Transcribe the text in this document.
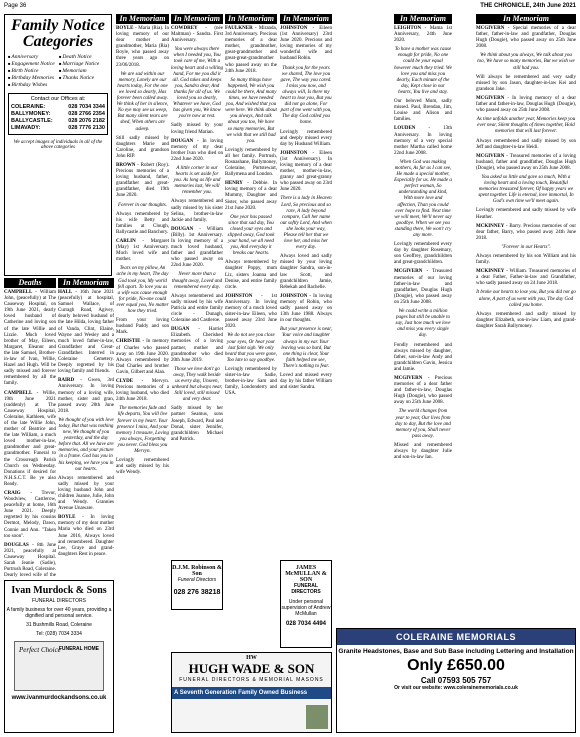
Page 36	THE CHRONICLE, 24th June 2021
Family Notice Categories
■ Anniversary	■ Death Notice
■ Engagement Notice	■ Marriage Notice
■ Birth Notice	■ Memoriam
■ Birthday Memories	■ Thanks Notice
■ Birthday Wishes
Contact our Offices at:
COLERAINE:	028 7034 3344
BALLYMONEY:	028 2766 2354
BALLYCASTLE:	028 2076 2182
LIMAVADY:	028 7776 2130
We accept images of individuals in all of the above categories
Deaths
CAMPBELL - William John, (peacefully) at The Causeway Hospital, on 19th June 2021, dearly loved husband of Catherine and loving son of the late Willie and Lizzie. Much loved brother of May, Eileen, Margaret, Eleanor and the late Samuel, Brother-in-law of Ivan, Willie, Hazel and Hugh. Will be sadly missed and forever remembered by all the family.
CAMPBELL - Willie, 19th June 2021 (suddenly) at The Causeway Hospital, Coleraine, Kathleen, wife of the late Willie John, mother of Beatrice and the late William, a much loved mother-in-law, grandmother and great-grandmother. Funeral to the Crossreagh Parish Church on Wednesday. Donations if desired for N.H.S.C.T. Be ye also Ready.
CRAIG - Trevor, Woodview, Castlerow, peacefully at home, 16th June 2021. Deeply regretted by his cousins Dermot, Melody, Dawn, Connie and Ann. "Taken too soon".
DOUGLAS - 8th June 2021, peacefully at Causeway Hospital. Sarah Jeanie (Sadie), Portrush Road, Coleraine. Dearly loved wife of the
In Memoriam
HALL - 16th June 2021 (peacefully) at hospital, Samuel Wallace, of Curragh Road, Agivey, dearly beloved husband of the late Hilda, loving father of Vanda, Clint, Elaine, Wayne and Wesley and a much loved father-in-law, Grandfather and Great-Grandfather. Interred in Coleraine Cemetery. Deeply regretted by his loving family and friends.
BAIRD - Gwen, 3rd Anniversary. In loving memory of a loving wife, mother, sister and gran, passed away 20th June 2018.
We thought of you with love today, But that was nothing new, We thought of you yesterday, and the day before that. All we have are memories, and your picture in a frame. God has you in his keeping, we have you in our hearts.
Always remembered and sadly missed by your loving husband John and children Joanne, Julie, John and Wendy. Grannies Avenue Unaware.
BOYLE - In loving memory of my dear mother Maria who died on 23rd June 2016, Always loved and remembered. Daughter Lee, Graye and grand-daughters Rest in peace.
In Memoriam
BOYLE - Maria (Ria). In loving memory of our dear mother and grandmother, Maria (Ria) Boyle, who passed away three years ago on 23/06/2018.
We are sad within our memory, Lonely are our hearts today, For the one we loved so dearly, Has forever been called away. We think of her in silence, No eye may see us weep, But many silent tears are shed, When others are asleep.
Still sadly missed by daughters Marie and Caroline, and grandson John RIP.
BROWN - Robert (Roy). Precious memories of a loving husband, father, grandfather and great-grandfather, died 19th June 2020.
Forever in our thoughts.
Always remembered by his wife Betty and families at Clough, Ballycastle and Banchory.
CARLIN - Margaret (May) 1st Anniversary. Much loved wife and mother.
Tears on my pillow, An ache in my heart, The day God took you, My world fell apart. To love you as a wife was cause enough for pride, No-one could ever equal you, No matter how they tried.
From your loving husband Paddy and son Mark.
CHRISTIE - In memory of Charles who passed away on 19th June 2020. Always remembered by Dad Charles and brother Gavin, Gilbert and Alan.
CLYDE - Mervyn. Precious memories of a loving husband, who died 24th June 2018.
The memories fade and life departs, You will live forever in my heart. Your presence I miss, And your memory I treasure, Loving you always, Forgetting you never. God bless you Mervyn.
Lovingly remembered and sadly missed by his wife Wendy.
In Memoriam
COWDREY - (née Maltman) - Sandra. First Anniversary.
You were always there when I needed you, You took care of me, With a loving heart and a willing hand, For me you did it all. God takes and keeps you, Sandra dear, And thanks for all of us. We loved you so dearly, Whatever we have, God has given you, We know you're now at rest.
Sadly missed by your loving friend Marian.
DOUGAN - In loving memory of my dear brother Ivan who died on 22nd June 2020.
A little corner in our hearts is set aside for you. As long as life and memories last, We will remember you.
Always remembered and sadly missed by his sister Selina, brother-in-law Jackie and family.
DOUGAN - William (Billy). 1st Anniversary. In loving memory of a much loved husband, father and grandfather who passed away on 22nd June 2020.
Never more than a thought away, Loved and remembered every day.
Always remembered and sadly missed by his wife Patricia and entire family circle - Dunagh, Coleraine and Castleroe.
DUGAN - Harriet Elizabeth. Cherished memories of a loving partner, mother and grandmother who died 20th June 2019.
Those we love don't go away, They walk beside us every day, Unseen, unheard but always near, Still loved, still missed and very dear.
Sadly missed by her partner Seamus, sons Joseph, Edward, Paul and Donal, sister Jennifer, grandchildren Michael and Patrick.
In Memoriam
FAULKNER - Miranda, 3rd Anniversary. Precious memories of a dear mother, grandmother, great-grandmother and great-great-grandmother who passed away on the 24th June 2018.
So many things have happened, We wish you could be there, And many times, we have needed you, And wished that you were here. We think about you always, And talk about you too, We have so many memories, But we wish that we still had you.
Lovingly remembered by all her family. Portrush, Rosnashane, Ballymoney, Coleraine, Portstewart, Ballymena and London.
HENRY - Debbie. In loving memory of a dear Mummy, Daughter and Sister, who passed away 21st June 2020.
One year has passed since that sad day, You closed your eyes and slipped away, God took your hand, we all need you, And everyday it breaks our hearts.
Always remembered by daughter Poppy, mum Liz, sisters Joanna and Denise, and entire family circle.
JOHNSTON - 1st Anniversary. In loving memory of a much loved sister-in-law Eileen, who passed away 23rd June 2020.
We do not see you close your eyes, Or hear your last faint sigh. We only heard that you were gone, Too late to say goodbye.
Lovingly remembered by sister-in-law Sadie, brother-in-law Sam and family, Londonderry and USA.
In Memoriam
JOHNSTON - Eileen (1st Anniversary) 23rd June 2020. Precious and loving memories of my wonderful wife and husband Robin.
Thank you for the years we shared, The love you gave, The way you cared. I miss you now, and always will, Is there my heart to lose you, But you did not go alone, For part of me went with you, The day God called you home.
Lovingly remembered and deeply missed every day by Husband William.
JOHNSTON - Eileen (1st Anniversary). In loving memory of a dear mother, mother-in-law, granny and great-granny who passed away on 23rd June 2020.
There is a lady in Heaven Lord, So precious and so rare, A lady beyond compare, Call her name out softly Lord, And when she looks your way, Please tell her that we love her, and miss her every day.
Always loved and sadly missed by your loving daughter Sandra, son-in-law Scott, and grandchildren Jamie, Rebekah and Rachelle.
JOHNSTON - In loving memory of Robin, who sadly passed away on 13th June 1988. Always in our thoughts.
But your presence is near, Your voice and laughter always in my ear. Your leaving was so hard, But one thing is clear, Your faith helped me see, There's nothing to fear.
Loved and missed every day by his father William and sister Sandra.
In Memoriam
LEIGHTON - Mama 1st Anniversary, 24th June 2020.
To have a mother was cause enough for pride, No one could be your equal however much they tried. We love you and miss you dearly, Each minute of the day, Kept close in our hearts, You live and stay.
Our beloved Mum, sadly missed. Paul, Brendan, Jim, Louise and Alison and families.
LOUDEN	- 13th Anniversary. In loving memory of a very special mother Martha called home 22nd June 2008.
When God was making mothers, As far as I can see, He made a special mother, Especially for us. He made a perfect woman, So understanding and kind, With more love and affection, Than you could ever hope to find. Next time we will meet, We'll never say goodbye. When we see you standing there, We won't cry any more.
Lovingly remembered every day by daughter Rosemary, son Geoffrey, grandchildren and great-grandchildren.
MCGIVERN - Treasured memories of our loving father-in-law and grandfather, Douglas Hugh (Dougie), who passed away on 25th June 2008.
We could write a million pages but still be unable to say, Just how much we love and miss you every single day.
Fondly remembered and always missed by daughter, father, son-in-law Andy and grandchildren Gavin, Jessica and Jamie.
MCGIVERN - Precious memories of a dear father and father-in-law, Douglas Hugh (Dougie), who passed away on 25th June 2008.
The world changes from year to year, Our lives from day to day, But the love and memory of you, Shall never pass away.
Missed and remembered always by daughter Julie and son-in-law Ian.
In Memoriam
MCGIVERN - Special memories of a dear father, father-in-law and grandfather, Douglas Hugh (Dougie), who passed away on 25th June 2008.
We think about you always, We talk about you too, We have so many memories, But we wish we still had you.
Will always be remembered and very sadly missed by son Jason, daughter-in-law Kei and grandson Jake.
MCGIVERN - In loving memory of a dear father and father-in-law, Douglas Hugh (Dougie), who passed away on 25th June 2008.
As time unfolds another year, Memories keep you ever near, Silent thoughts of times together, Hold memories that will last forever.
Always remembered and sadly missed by son Jeff and daughter-in-law Heidi.
MCGIVERN - Treasured memories of a loving husband, father and grandfather, Douglas Hugh (Dougie), who passed away on 25th June 2008.
You asked so little and gave so much, With a loving heart and a loving touch, Beautiful memories treasured forever, Of happy years we spent together. Life is eternal, love immortal, In God's own time we'll meet again.
Lovingly remembered and sadly missed by wife Heather.
MCKINNEY - Barry. Precious memories of our dear father, Barry, who passed away 24th June 2018.
"Forever in our Hearts".
Always remembered by his son William and his family.
MCKINNEY - William. Treasured memories of a dear Father, Father-in-law and Grandfather, who sadly passed away on 24 June 2018.
It broke our hearts to lose you, But you did not go alone, A part of us went with you, The day God called you home.
Always remembered and sadly missed by daughter Elizabeth, son-in-law Liam, and grand-daughter Sarah Ballymoney.
Ivan Murdock & Sons
FUNERAL DIRECTORS
A family business for over 40 years, providing a dignified and personal service.
31 Bushmills Road, Coleraine
Tel: (028) 7034 3334
Perfect Choice
FUNERAL HOME
www.ivanmurdockandsons.co.uk
D.J.M. Robinson & Son
Funeral Directors
028 276 38218
JAMES McMULLAN & SON
FUNERAL DIRECTORS
Under personal supervision of Andrew McMullan
028 7034 4494
HW
HUGH WADE & SON
FUNERAL DIRECTORS & MEMORIAL MASONS
A Seventh Generation Family Owned Business
COLERAINE MEMORIALS
Granite Headstones, Base and Sub Base including Lettering and Installation
Only £650.00
Call 07593 505 757
Or visit our website: www.colerainememorials.co.uk
